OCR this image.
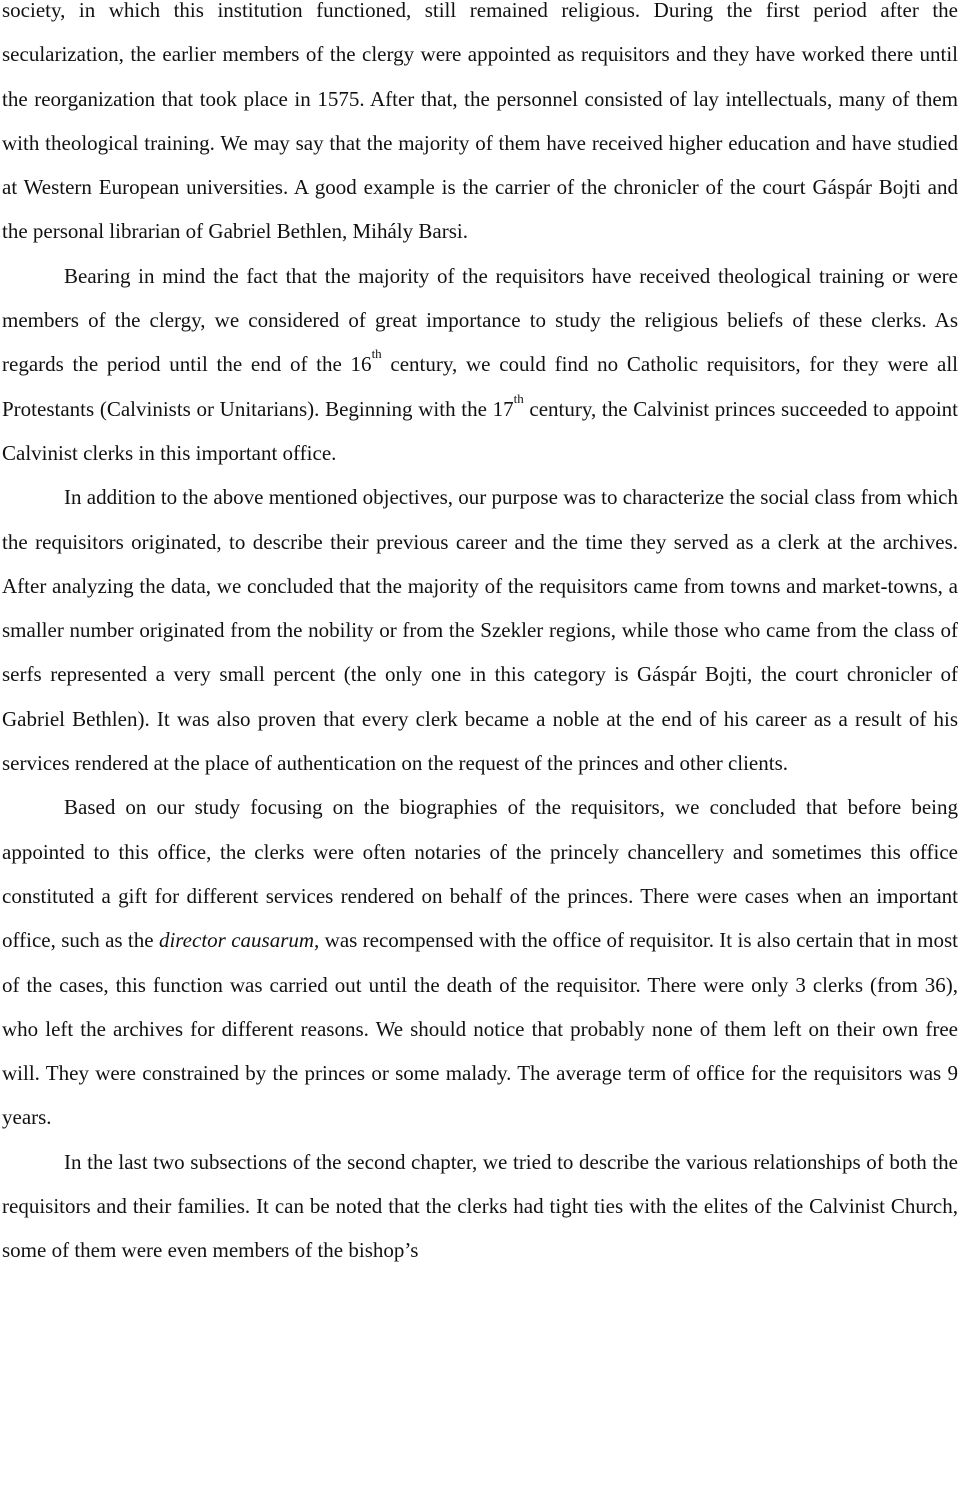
society, in which this institution functioned, still remained religious. During the first period after the secularization, the earlier members of the clergy were appointed as requisitors and they have worked there until the reorganization that took place in 1575. After that, the personnel consisted of lay intellectuals, many of them with theological training. We may say that the majority of them have received higher education and have studied at Western European universities. A good example is the carrier of the chronicler of the court Gáspár Bojti and the personal librarian of Gabriel Bethlen, Mihály Barsi.

Bearing in mind the fact that the majority of the requisitors have received theological training or were members of the clergy, we considered of great importance to study the religious beliefs of these clerks. As regards the period until the end of the 16th century, we could find no Catholic requisitors, for they were all Protestants (Calvinists or Unitarians). Beginning with the 17th century, the Calvinist princes succeeded to appoint Calvinist clerks in this important office.

In addition to the above mentioned objectives, our purpose was to characterize the social class from which the requisitors originated, to describe their previous career and the time they served as a clerk at the archives. After analyzing the data, we concluded that the majority of the requisitors came from towns and market-towns, a smaller number originated from the nobility or from the Szekler regions, while those who came from the class of serfs represented a very small percent (the only one in this category is Gáspár Bojti, the court chronicler of Gabriel Bethlen). It was also proven that every clerk became a noble at the end of his career as a result of his services rendered at the place of authentication on the request of the princes and other clients.

Based on our study focusing on the biographies of the requisitors, we concluded that before being appointed to this office, the clerks were often notaries of the princely chancellery and sometimes this office constituted a gift for different services rendered on behalf of the princes. There were cases when an important office, such as the director causarum, was recompensed with the office of requisitor. It is also certain that in most of the cases, this function was carried out until the death of the requisitor. There were only 3 clerks (from 36), who left the archives for different reasons. We should notice that probably none of them left on their own free will. They were constrained by the princes or some malady. The average term of office for the requisitors was 9 years.

In the last two subsections of the second chapter, we tried to describe the various relationships of both the requisitors and their families. It can be noted that the clerks had tight ties with the elites of the Calvinist Church, some of them were even members of the bishop’s
